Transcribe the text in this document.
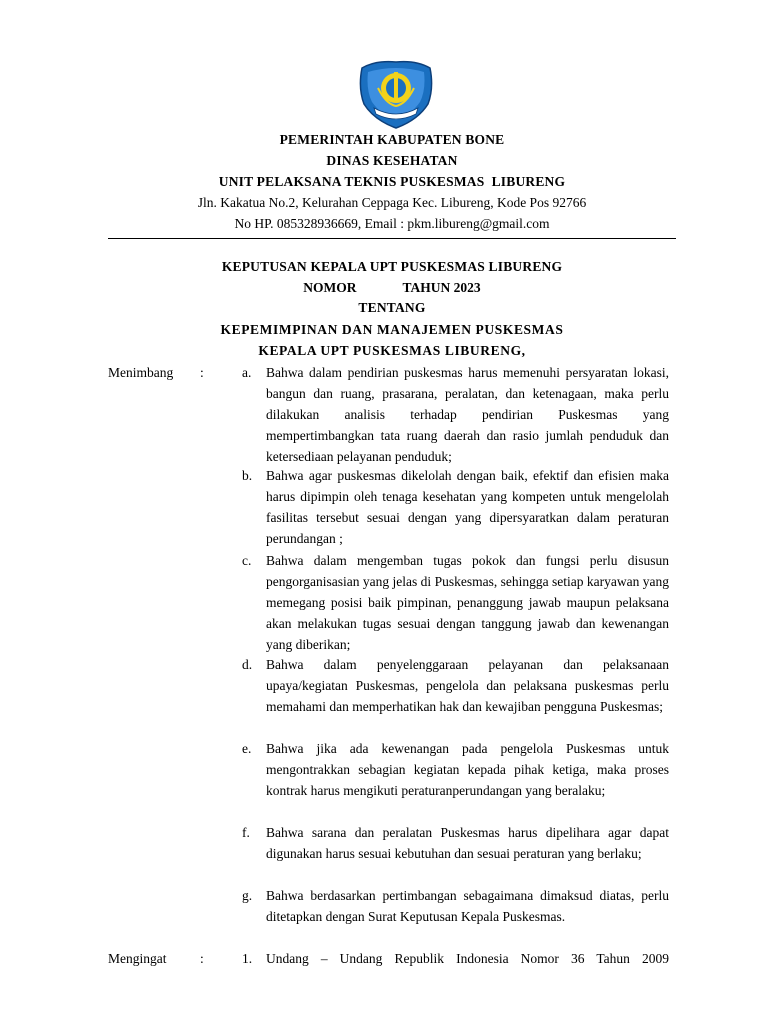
PEMERINTAH KABUPATEN BONE
DINAS KESEHATAN
UNIT PELAKSANA TEKNIS PUSKESMAS  LIBURENG
Jln. Kakatua No.2, Kelurahan Ceppaga Kec. Libureng, Kode Pos 92766
No HP. 085328936669, Email : pkm.libureng@gmail.com
KEPUTUSAN KEPALA UPT PUSKESMAS LIBURENG
NOMOR	TAHUN 2023
TENTANG
KEPEMIMPINAN DAN MANAJEMEN PUSKESMAS
KEPALA UPT PUSKESMAS LIBURENG,
Menimbang :	a. Bahwa dalam pendirian puskesmas harus memenuhi persyaratan lokasi, bangun dan ruang, prasarana, peralatan, dan ketenagaan, maka perlu dilakukan analisis terhadap pendirian Puskesmas yang mempertimbangkan tata ruang daerah dan rasio jumlah penduduk dan ketersediaan pelayanan penduduk;
b. Bahwa agar puskesmas dikelolah dengan baik, efektif dan efisien maka harus dipimpin oleh tenaga kesehatan yang kompeten untuk mengelolah fasilitas tersebut sesuai dengan yang dipersyaratkan dalam peraturan perundangan ;
c. Bahwa dalam mengemban tugas pokok dan fungsi perlu disusun pengorganisasian yang jelas di Puskesmas, sehingga setiap karyawan yang memegang posisi baik pimpinan, penanggung jawab maupun pelaksana akan melakukan tugas sesuai dengan tanggung jawab dan kewenangan yang diberikan;
d. Bahwa dalam penyelenggaraan pelayanan dan pelaksanaan upaya/kegiatan Puskesmas, pengelola dan pelaksana puskesmas perlu memahami dan memperhatikan hak dan kewajiban pengguna Puskesmas;
e. Bahwa jika ada kewenangan pada pengelola Puskesmas untuk mengontrakkan sebagian kegiatan kepada pihak ketiga, maka proses kontrak harus mengikuti peraturanperundangan yang beralaku;
f. Bahwa sarana dan peralatan Puskesmas harus dipelihara agar dapat digunakan harus sesuai kebutuhan dan sesuai peraturan yang berlaku;
g. Bahwa berdasarkan pertimbangan sebagaimana dimaksud diatas, perlu ditetapkan dengan Surat Keputusan Kepala Puskesmas.
Mengingat :	1. Undang – Undang Republik Indonesia Nomor 36 Tahun 2009
